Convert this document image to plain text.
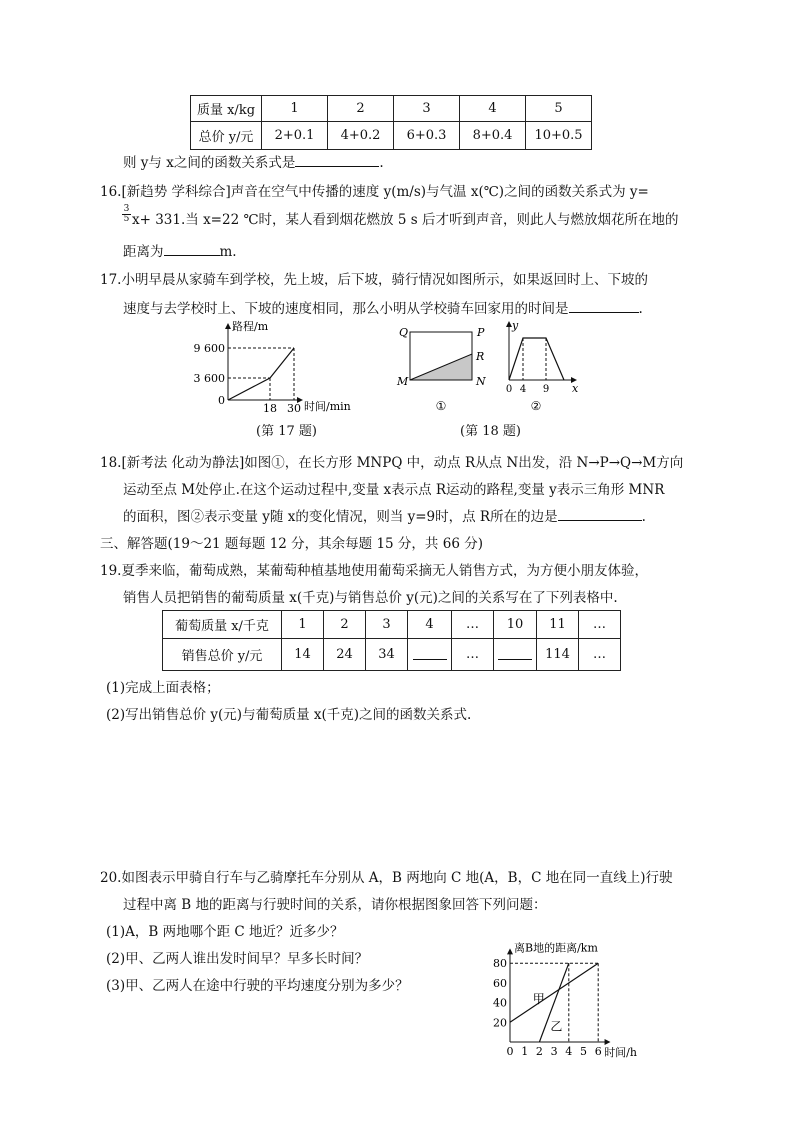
质量 x/kg	1	2	3	4	5
总价 y/元	2+0.1	4+0.2	6+0.3	8+0.4	10+0.5
则 y与 x之间的函数关系式是	.
16.[新趋势 学科综合]声音在空气中传播的速度 y(m/s)与气温 x(℃)之间的函数关系式为 y=
$\frac{3}{5} x+ 331$.当 x=22 ℃时，某人看到烟花燃放 5 s 后才听到声音，则此人与燃放烟花所在地的
距离为	m.
17.小明早晨从家骑车到学校，先上坡，后下坡，骑行情况如图所示，如果返回时上、下坡的
速度与去学校时上、下坡的速度相同，那么小明从学校骑车回家用的时间是	.
路程/m
时间/min
9 600
3 600
0
18 30
(第 17 题)
Q	P
R
M	N
①
y
x
0 4 9
②
(第 18 题)
18.[新考法 化动为静法]如图①，在长方形 MNPQ 中，动点 R从点 N出发，沿 N→P→Q→M方向
运动至点 M处停止.在这个运动过程中,变量 x表示点 R运动的路程,变量 y表示三角形 MNR
的面积，图②表示变量 y随 x的变化情况，则当 y=9时，点 R所在的边是	.
三、解答题(19～21 题每题 12 分，其余每题 15 分，共 66 分)
19.夏季来临，葡萄成熟，某葡萄种植基地使用葡萄采摘无人销售方式，为方便小朋友体验，
销售人员把销售的葡萄质量 x(千克)与销售总价 y(元)之间的关系写在了下列表格中.
葡萄质量 x/千克	1	2	3	4	…	10	11	…
销售总价 y/元	14	24	34		…		114	…
(1)完成上面表格；
(2)写出销售总价 y(元)与葡萄质量 x(千克)之间的函数关系式.
20.如图表示甲骑自行车与乙骑摩托车分别从 A，B 两地向 C 地(A，B，C 地在同一直线上)行驶
过程中离 B 地的距离与行驶时间的关系，请你根据图象回答下列问题：
(1)A，B 两地哪个距 C 地近？近多少？
(2)甲、乙两人谁出发时间早？早多长时间？
(3)甲、乙两人在途中行驶的平均速度分别为多少？
离B地的距离/km
时间/h
20
40
60
80
0 1 2 3 4 5 6
甲
乙
